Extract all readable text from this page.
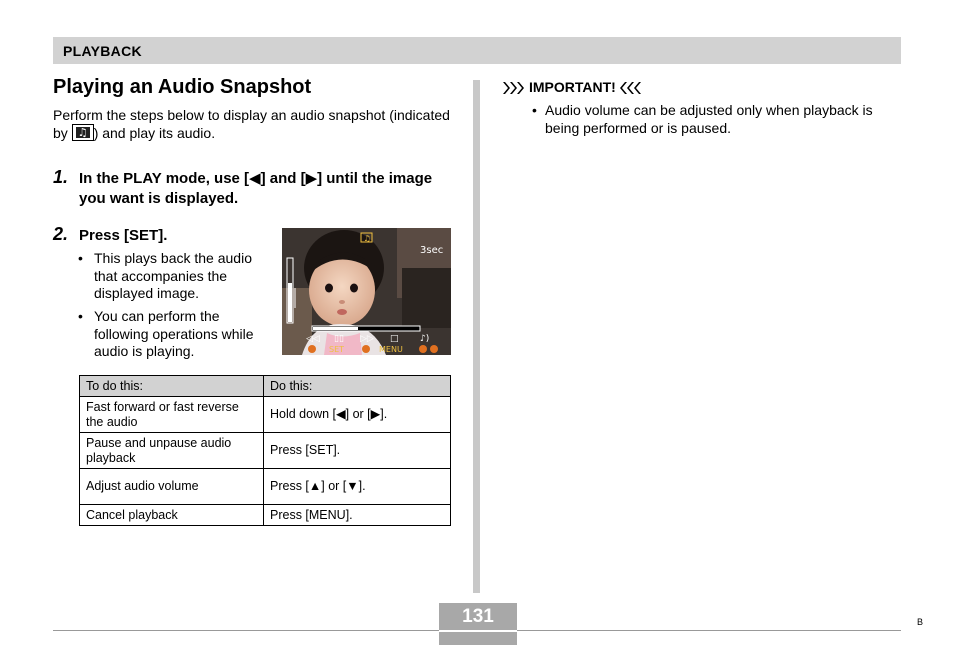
PLAYBACK
Playing an Audio Snapshot
Perform the steps below to display an audio snapshot (indicated by
♫
) and play its audio.
1. In the PLAY mode, use [◀] and [▶] until the image you want is displayed.
2. Press [SET].
• This plays back the audio that accompanies the displayed image.
• You can perform the following operations while audio is playing.
♫
3sec
◁◁ ▯▯ ▷▷ □ ♪)
SET	MENU
To do this:	Do this:
Fast forward or fast reverse the audio	Hold down [◀] or [▶].
Pause and unpause audio playback	Press [SET].
Adjust audio volume	Press [▲] or [▼].
Cancel playback	Press [MENU].
IMPORTANT!
• Audio volume can be adjusted only when playback is being performed or is paused.
131	B
